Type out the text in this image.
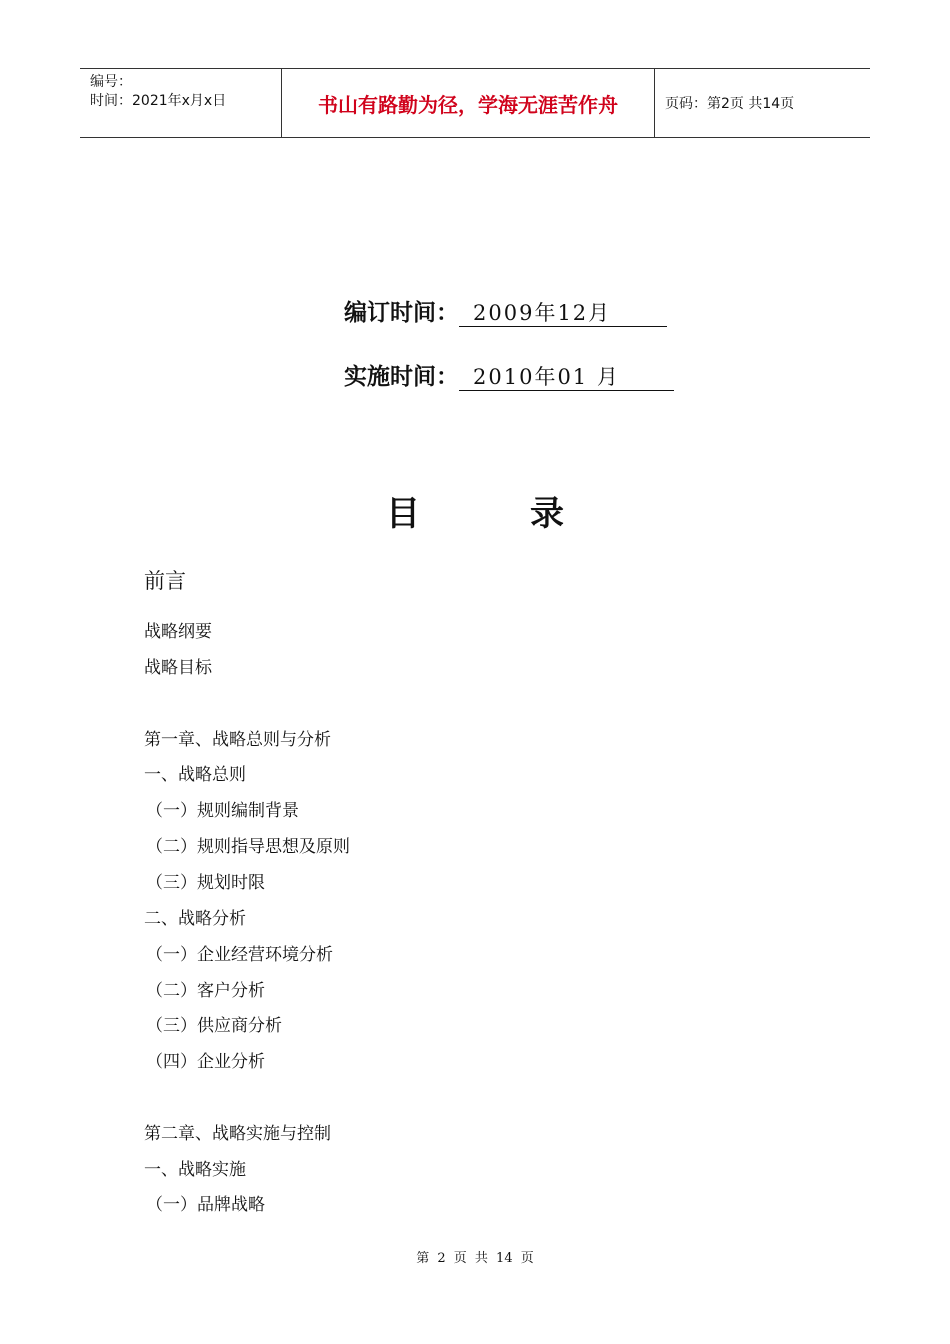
编号：
时间：2021年x月x日	书山有路勤为径，学海无涯苦作舟	页码：第2页 共14页
编订时间： 2009年12月
实施时间： 2010年01 月
目录
前言
战略纲要
战略目标
第一章、战略总则与分析
一、战略总则
（一）规则编制背景
（二）规则指导思想及原则
（三）规划时限
二、战略分析
（一）企业经营环境分析
（二）客户分析
（三）供应商分析
（四）企业分析
第二章、战略实施与控制
一、战略实施
（一）品牌战略
第 2 页 共 14 页
